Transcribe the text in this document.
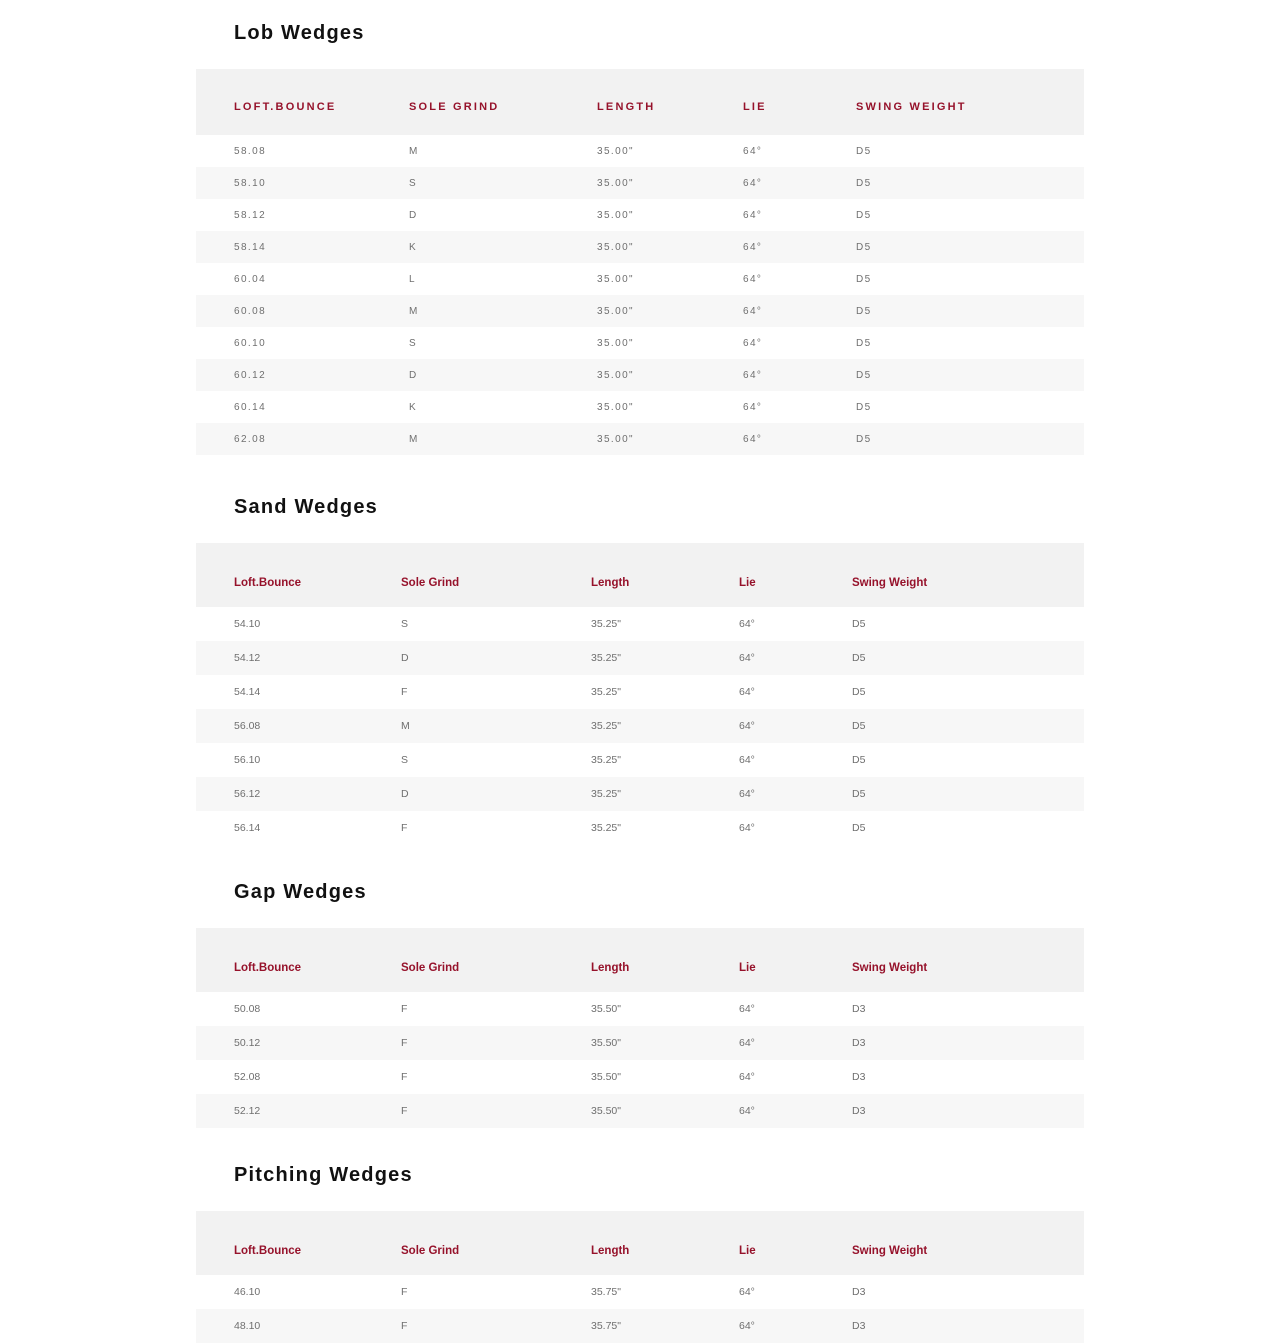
Lob Wedges

LOFT.BOUNCE	SOLE GRIND	LENGTH	LIE	SWING WEIGHT
58.08	M	35.00"	64°	D5
58.10	S	35.00"	64°	D5
58.12	D	35.00"	64°	D5
58.14	K	35.00"	64°	D5
60.04	L	35.00"	64°	D5
60.08	M	35.00"	64°	D5
60.10	S	35.00"	64°	D5
60.12	D	35.00"	64°	D5
60.14	K	35.00"	64°	D5
62.08	M	35.00"	64°	D5
Sand Wedges

Loft.Bounce	Sole Grind	Length	Lie	Swing Weight
54.10	S	35.25"	64°	D5
54.12	D	35.25"	64°	D5
54.14	F	35.25"	64°	D5
56.08	M	35.25"	64°	D5
56.10	S	35.25"	64°	D5
56.12	D	35.25"	64°	D5
56.14	F	35.25"	64°	D5
Gap Wedges

Loft.Bounce	Sole Grind	Length	Lie	Swing Weight
50.08	F	35.50"	64°	D3
50.12	F	35.50"	64°	D3
52.08	F	35.50"	64°	D3
52.12	F	35.50"	64°	D3
Pitching Wedges

Loft.Bounce	Sole Grind	Length	Lie	Swing Weight
46.10	F	35.75"	64°	D3
48.10	F	35.75"	64°	D3
